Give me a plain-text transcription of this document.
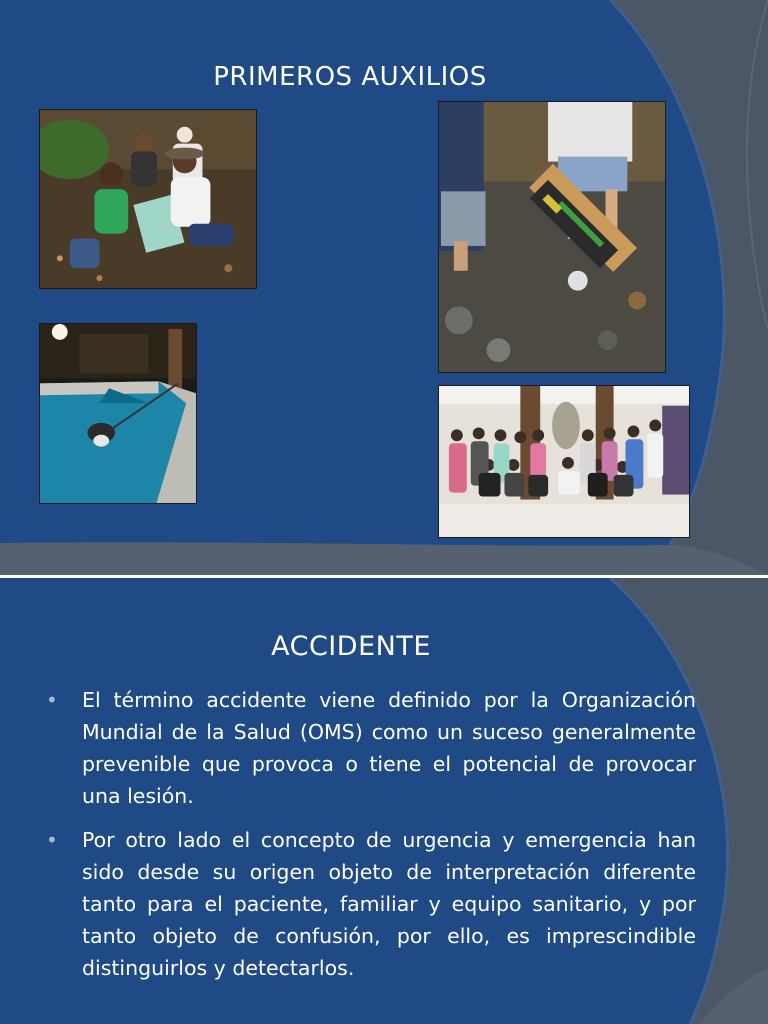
PRIMEROS AUXILIOS
ACCIDENTE
• El término accidente viene definido por la Organización Mundial de la Salud (OMS) como un suceso generalmente prevenible que provoca o tiene el potencial de provocar una lesión.
• Por otro lado el concepto de urgencia y emergencia han sido desde su origen objeto de interpretación diferente tanto para el paciente, familiar y equipo sanitario, y por tanto objeto de confusión, por ello, es imprescindible distinguirlos y detectarlos.
